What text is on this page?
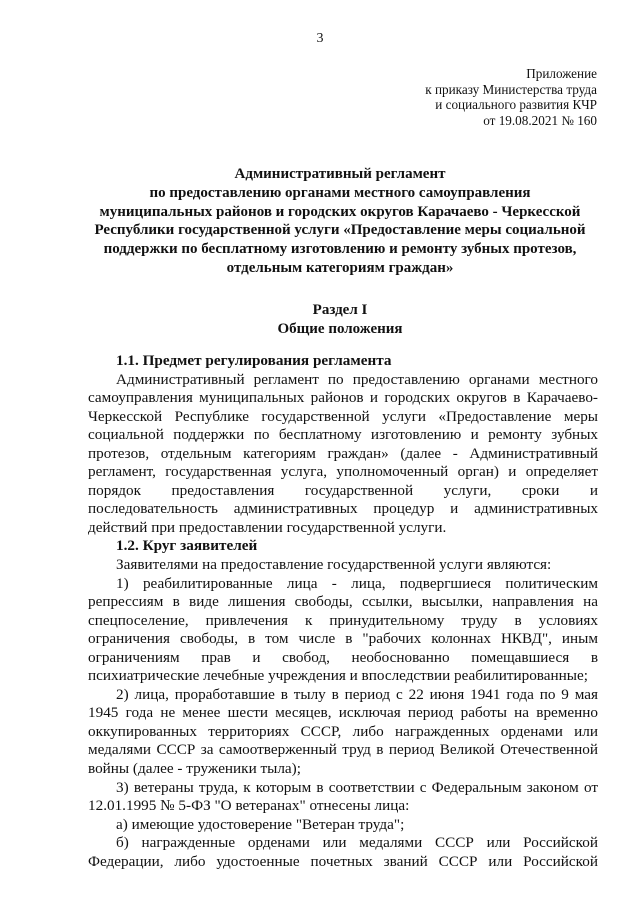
3
Приложение
к приказу Министерства труда
и социального развития КЧР
от 19.08.2021 № 160
Административный регламент
по предоставлению органами местного самоуправления
муниципальных районов и городских округов Карачаево - Черкесской
Республики государственной услуги «Предоставление меры социальной
поддержки по бесплатному изготовлению и ремонту зубных протезов,
отдельным категориям граждан»
Раздел I
Общие положения
1.1. Предмет регулирования регламента
Административный регламент по предоставлению органами местного
самоуправления муниципальных районов и городских округов в Карачаево-
Черкесской Республике государственной услуги «Предоставление меры
социальной поддержки по бесплатному изготовлению и ремонту зубных
протезов, отдельным категориям граждан» (далее - Административный
регламент, государственная услуга, уполномоченный орган) и определяет
порядок предоставления государственной услуги, сроки и
последовательность административных процедур и административных
действий при предоставлении государственной услуги.
1.2. Круг заявителей
Заявителями на предоставление государственной услуги являются:
1) реабилитированные лица - лица, подвергшиеся политическим
репрессиям в виде лишения свободы, ссылки, высылки, направления на
спецпоселение, привлечения к принудительному труду в условиях
ограничения свободы, в том числе в "рабочих колоннах НКВД", иным
ограничениям прав и свобод, необоснованно помещавшиеся в
психиатрические лечебные учреждения и впоследствии реабилитированные;
2) лица, проработавшие в тылу в период с 22 июня 1941 года по 9 мая
1945 года не менее шести месяцев, исключая период работы на временно
оккупированных территориях СССР, либо награжденных орденами или
медалями СССР за самоотверженный труд в период Великой Отечественной
войны (далее - труженики тыла);
3) ветераны труда, к которым в соответствии с Федеральным законом от
12.01.1995 № 5-ФЗ "О ветеранах" отнесены лица:
а) имеющие удостоверение "Ветеран труда";
б) награжденные орденами или медалями СССР или Российской
Федерации, либо удостоенные почетных званий СССР или Российской
